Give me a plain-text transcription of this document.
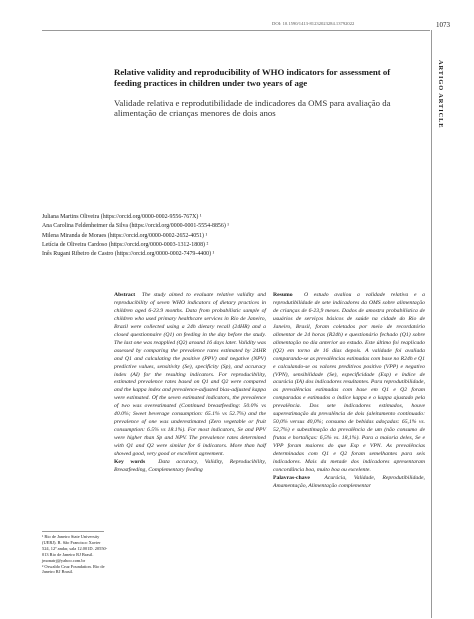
DOI: 10.1590/1413-81232023284.13792022	1073
ARTIGO ARTICLE
Relative validity and reproducibility of WHO indicators for assessment of feeding practices in children under two years of age
Validade relativa e reprodutibilidade de indicadores da OMS para avaliação da alimentação de crianças menores de dois anos
Juliana Martins Oliveira (https://orcid.org/0000-0002-9556-767X) ¹
Ana Carolina Feldenheimer da Silva (https://orcid.org/0000-0001-5554-8856) ¹
Milena Miranda de Moraes (https://orcid.org/0000-0002-2652-4051) ¹
Letícia de Oliveira Cardoso (https://orcid.org/0000-0003-1312-1808) ²
Inês Rugani Ribeiro de Castro (https://orcid.org/0000-0002-7479-4400) ¹
Abstract The study aimed to evaluate relative validity and reproducibility of seven WHO indicators of dietary practices in children aged 6-23.9 months. Data from probabilistic sample of children who used primary healthcare services in Rio de Janeiro, Brazil were collected using a 24h dietary recall (24HR) and a closed questionnaire (Q1) on feeding in the day before the study. The last one was reapplied (Q2) around 16 days later. Validity was assessed by comparing the prevalence rates estimated by 24HR and Q1 and calculating the positive (PPV) and negative (NPV) predictive values, sensitivity (Se), specificity (Sp), and accuracy index (AI) for the resulting indicators. For reproducibility, estimated prevalence rates based on Q1 and Q2 were compared and the kappa index and prevalence-adjusted bias-adjusted kappa were estimated. Of the seven estimated indicators, the prevalence of two was overestimated (Continued breastfeeding: 50.0% vs 40.0%; Sweet beverage consumption: 65.1% vs 52.7%) and the prevalence of one was underestimated (Zero vegetable or fruit consumption: 6.5% vs 18.1%). For most indicators, Se and PPV were higher than Sp and NPV. The prevalence rates determined with Q1 and Q2 were similar for 6 indicators. More than half showed good, very good or excellent agreement.
Key words Data accuracy, Validity, Reproducibility, Breastfeeding, Complementary feeding
Resumo O estudo avaliou a validade relativa e a reprodutibilidade de sete indicadores da OMS sobre alimentação de crianças de 6-23,9 meses. Dados de amostra probabilística de usuários de serviços básicos de saúde na cidade do Rio de Janeiro, Brasil, foram coletados por meio de recordatório alimentar de 24 horas (R24h) e questionário fechado (Q1) sobre alimentação no dia anterior ao estudo. Este último foi reaplicado (Q2) em torno de 16 dias depois. A validade foi avaliada comparando-se as prevalências estimadas com base no R24h e Q1 e calculando-se os valores preditivos positivo (VPP) e negativo (VPN), sensibilidade (Se), especificidade (Esp) e índice de acurácia (IA) dos indicadores resultantes. Para reprodutibilidade, as prevalências estimadas com base em Q1 e Q2 foram comparadas e estimados o índice kappa e o kappa ajustado pela prevalência. Dos sete indicadores estimados, houve superestimação da prevalência de dois (aleitamento continuado: 50,0% versus 40,0%; consumo de bebidas adoçadas: 65,1% vs. 52,7%) e subestimação da prevalência de um (não consumo de frutas e hortaliças: 6,5% vs. 18,1%). Para a maioria deles, Se e VPP foram maiores do que Esp e VPN. As prevalências determinadas com Q1 e Q2 foram semelhantes para seis indicadores. Mais da metade dos indicadores apresentaram concordância boa, muito boa ou excelente.
Palavras-chave	Acurácia, Validade, Reprodutibilidade, Amamentação, Alimentação complementar
¹ Rio de Janeiro State University (UERJ). R. São Francisco Xavier 524, 12º andar, sala 12.001D. 20550-013 Rio de Janeiro RJ Brasil. jmonatrj@yahoo.com.br
² Oswaldo Cruz Foundation. Rio de Janeiro RJ Brasil.
